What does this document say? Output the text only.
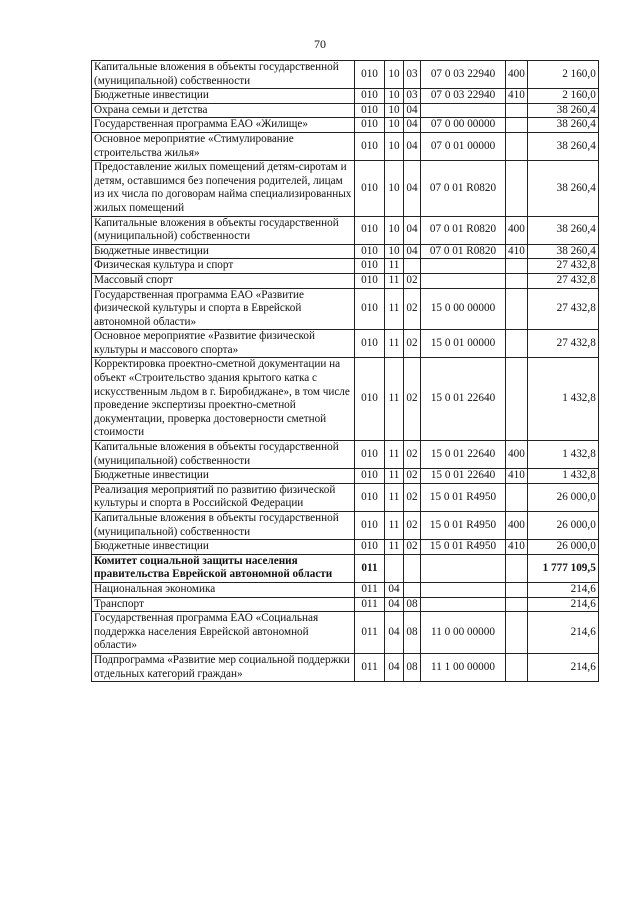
70
Капитальные вложения в объекты государственной (муниципальной) собственности	010	10	03	07 0 03 22940	400	2 160,0
Бюджетные инвестиции	010	10	03	07 0 03 22940	410	2 160,0
Охрана семьи и детства	010	10	04			38 260,4
Государственная программа ЕАО «Жилище»	010	10	04	07 0 00 00000		38 260,4
Основное мероприятие «Стимулирование строительства жилья»	010	10	04	07 0 01 00000		38 260,4
Предоставление жилых помещений детям-сиротам и детям, оставшимся без попечения родителей, лицам из их числа по договорам найма специализированных жилых помещений	010	10	04	07 0 01 R0820		38 260,4
Капитальные вложения в объекты государственной (муниципальной) собственности	010	10	04	07 0 01 R0820	400	38 260,4
Бюджетные инвестиции	010	10	04	07 0 01 R0820	410	38 260,4
Физическая культура и спорт	010	11				27 432,8
Массовый спорт	010	11	02			27 432,8
Государственная программа ЕАО «Развитие физической культуры и спорта в Еврейской автономной области»	010	11	02	15 0 00 00000		27 432,8
Основное мероприятие «Развитие физической культуры и массового спорта»	010	11	02	15 0 01 00000		27 432,8
Корректировка проектно-сметной документации на объект «Строительство здания крытого катка с искусственным льдом в г. Биробиджане», в том числе проведение экспертизы проектно-сметной документации, проверка достоверности сметной стоимости	010	11	02	15 0 01 22640		1 432,8
Капитальные вложения в объекты государственной (муниципальной) собственности	010	11	02	15 0 01 22640	400	1 432,8
Бюджетные инвестиции	010	11	02	15 0 01 22640	410	1 432,8
Реализация мероприятий по развитию физической культуры и спорта в Российской Федерации	010	11	02	15 0 01 R4950		26 000,0
Капитальные вложения в объекты государственной (муниципальной) собственности	010	11	02	15 0 01 R4950	400	26 000,0
Бюджетные инвестиции	010	11	02	15 0 01 R4950	410	26 000,0
Комитет социальной защиты населения правительства Еврейской автономной области	011					1 777 109,5
Национальная экономика	011	04				214,6
Транспорт	011	04	08			214,6
Государственная программа ЕАО «Социальная поддержка населения Еврейской автономной области»	011	04	08	11 0 00 00000		214,6
Подпрограмма «Развитие мер социальной поддержки отдельных категорий граждан»	011	04	08	11 1 00 00000		214,6
